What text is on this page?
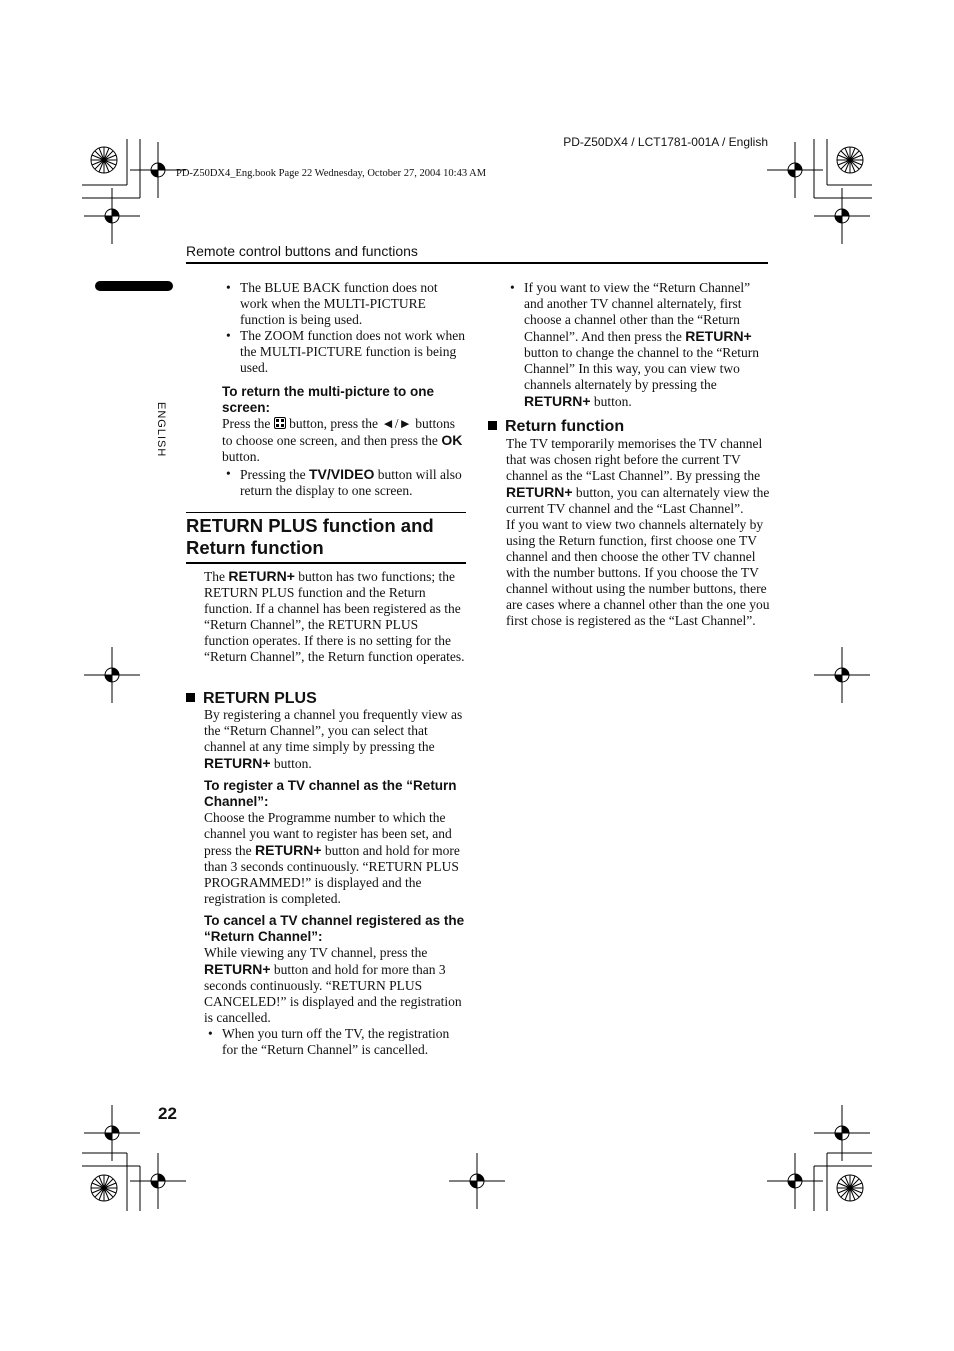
PD-Z50DX4 / LCT1781-001A / English
PD-Z50DX4_Eng.book Page 22 Wednesday, October 27, 2004 10:43 AM
Remote control buttons and functions
ENGLISH
• The BLUE BACK function does not work when the MULTI-PICTURE function is being used.
• The ZOOM function does not work when the MULTI-PICTURE function is being used.
To return the multi-picture to one screen:

Press the
button, press the ◄/► buttons to choose one screen, and then press the OK button.

• Pressing the TV/VIDEO button will also return the display to one screen.
RETURN PLUS function and Return function

The RETURN+ button has two functions; the RETURN PLUS function and the Return function. If a channel has been registered as the “Return Channel”, the RETURN PLUS function operates. If there is no setting for the “Return Channel”, the Return function operates.

RETURN PLUS

By registering a channel you frequently view as the “Return Channel”, you can select that channel at any time simply by pressing the RETURN+ button.

To register a TV channel as the “Return Channel”:

Choose the Programme number to which the channel you want to register has been set, and press the RETURN+ button and hold for more than 3 seconds continuously. “RETURN PLUS PROGRAMMED!” is displayed and the registration is completed.

To cancel a TV channel registered as the “Return Channel”:

While viewing any TV channel, press the RETURN+ button and hold for more than 3 seconds continuously. “RETURN PLUS CANCELED!” is displayed and the registration is cancelled.

• When you turn off the TV, the registration for the “Return Channel” is cancelled.
• If you want to view the “Return Channel” and another TV channel alternately, first choose a channel other than the “Return Channel”. And then press the RETURN+ button to change the channel to the “Return Channel” In this way, you can view two channels alternately by pressing the RETURN+ button.
Return function

The TV temporarily memorises the TV channel that was chosen right before the current TV channel as the “Last Channel”. By pressing the RETURN+ button, you can alternately view the current TV channel and the “Last Channel”.

If you want to view two channels alternately by using the Return function, first choose one TV channel and then choose the other TV channel with the number buttons. If you choose the TV channel without using the number buttons, there are cases where a channel other than the one you first chose is registered as the “Last Channel”.

22
